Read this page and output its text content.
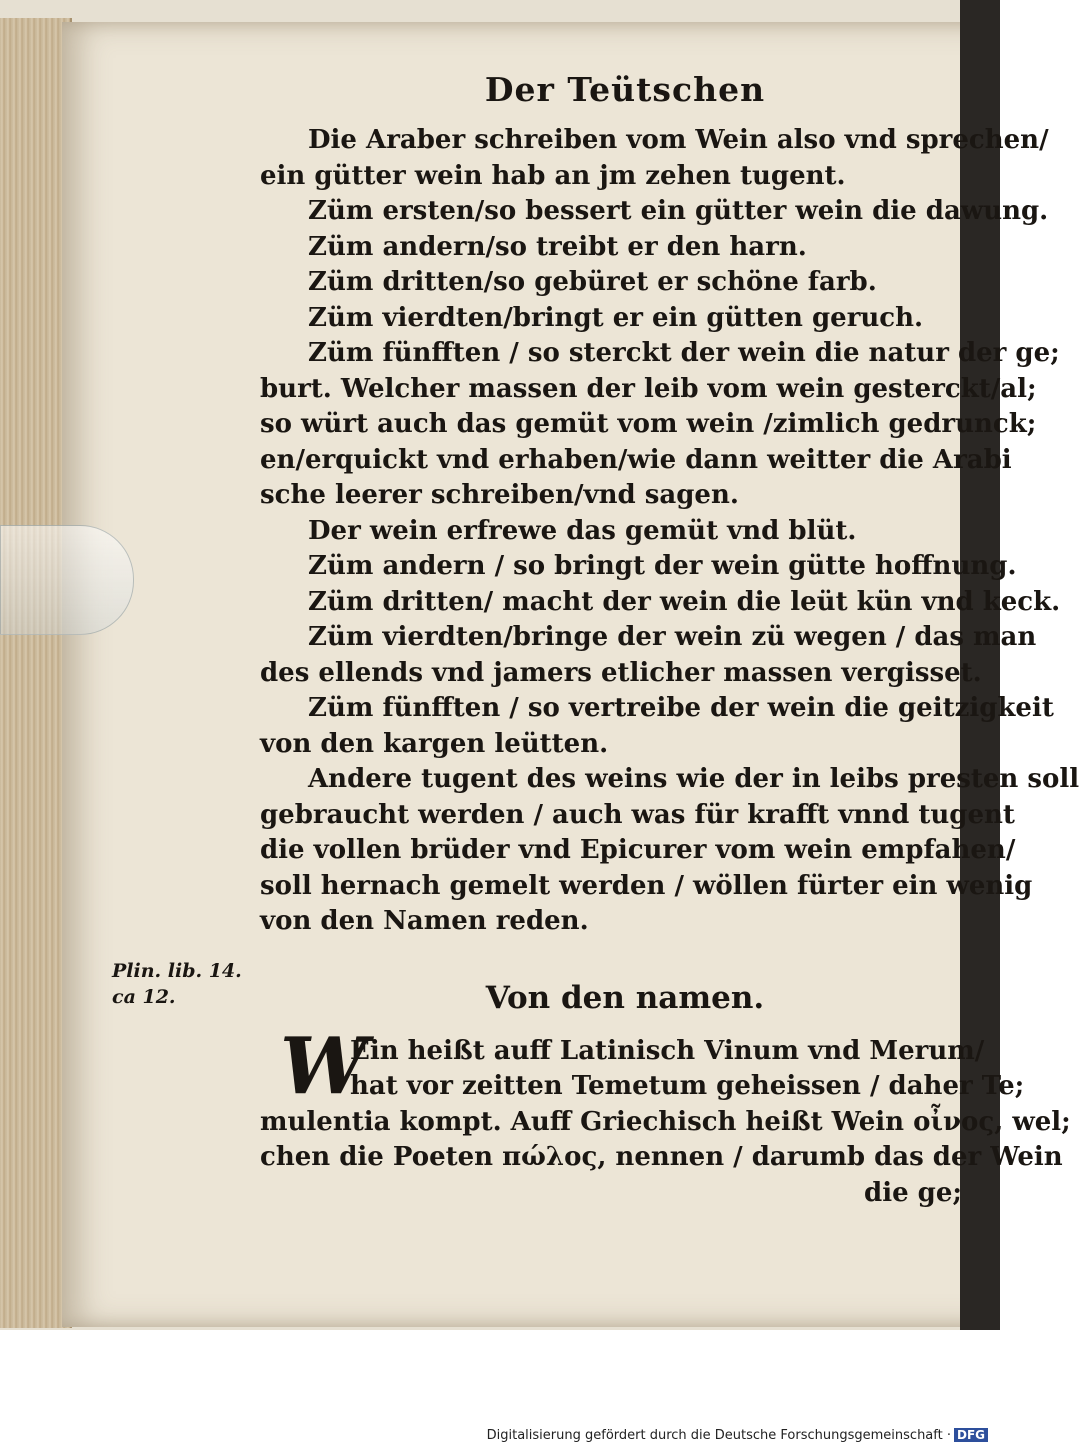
Plin. lib. 14. ca 12.
Der Teütschen
Die Araber schreiben vom Wein also vnd sprechen/
ein gütter wein hab an jm zehen tugent.
Züm ersten/so bessert ein gütter wein die dawung.
Züm andern/so treibt er den harn.
Züm dritten/so gebüret er schöne farb.
Züm vierdten/bringt er ein gütten geruch.
Züm fünfften / so sterckt der wein die natur der ge;
burt. Welcher massen der leib vom wein gesterckt/al;
so würt auch das gemüt vom wein /zimlich gedrunck;
en/erquickt vnd erhaben/wie dann weitter die Arabi
sche leerer schreiben/vnd sagen.
Der wein erfrewe das gemüt vnd blüt.
Züm andern / so bringt der wein gütte hoffnung.
Züm dritten/ macht der wein die leüt kün vnd keck.
Züm vierdten/bringe der wein zü wegen / das man
des ellends vnd jamers etlicher massen vergisset.
Züm fünfften / so vertreibe der wein die geitzigkeit
von den kargen leütten.
Andere tugent des weins wie der in leibs presten soll
gebraucht werden / auch was für krafft vnnd tugent
die vollen brüder vnd Epicurer vom wein empfahen/
soll hernach gemelt werden / wöllen fürter ein wenig
von den Namen reden.
Von den namen.
W
Ein heißt auff Latinisch Vinum vnd Merum/
hat vor zeitten Temetum geheissen / daher Te;
mulentia kompt. Auff Griechisch heißt Wein οἶνος, wel;
chen die Poeten πώλος, nennen / darumb das der Wein
die ge;
Digitalisierung gefördert durch die Deutsche Forschungsgemeinschaft · DFG
